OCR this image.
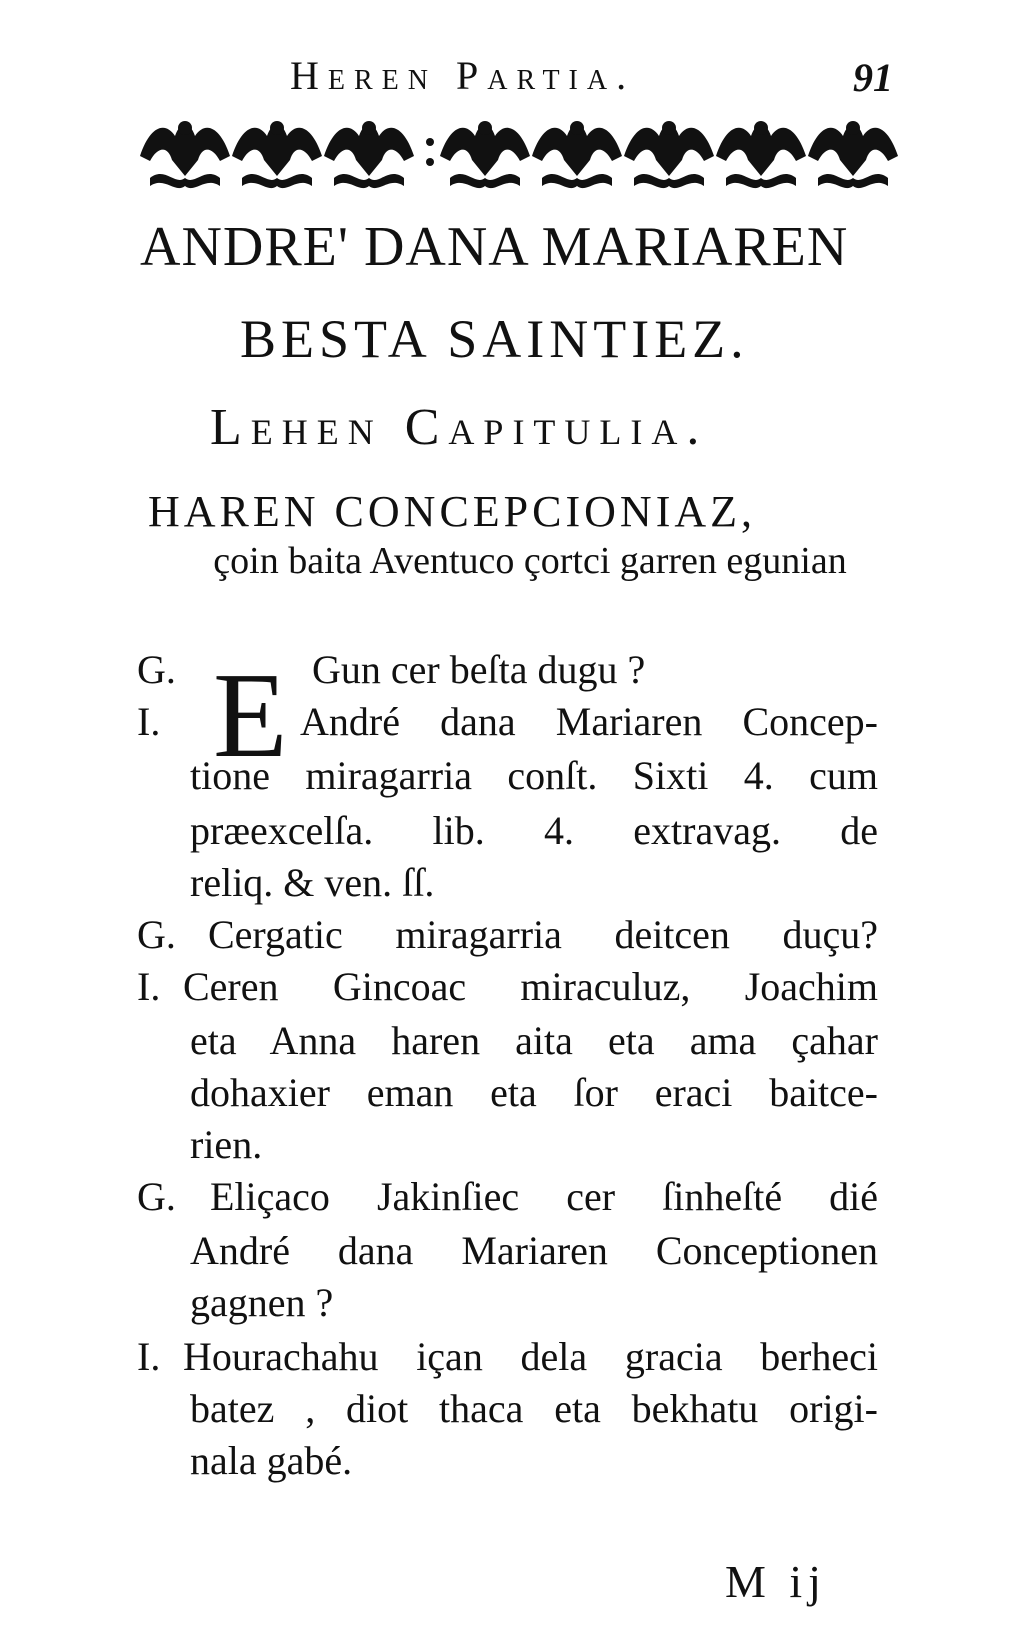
Heren Partia.	91
ANDRE' DANA MARIAREN
BESTA SAINTIEZ.
Lehen Capitulia.
HAREN CONCEPCIONIAZ,
çoin baita Aventuco çortci garren egunian
E
G.	Gun cer beſta dugu ?
I.	André dana Mariaren Concep-
tione miragarria conſt. Sixti 4. cum
præexcelſa. lib. 4. extravag. de
reliq. & ven. ſſ.
G. Cergatic miragarria deitcen duçu?
I. Ceren Gincoac miraculuz, Joachim
eta Anna haren aita eta ama çahar
dohaxier eman eta ſor eraci baitce-
rien.
G. Eliçaco Jakinſiec cer ſinheſté dié
André dana Mariaren Conceptionen
gagnen ?
I. Hourachahu içan dela gracia berheci
batez , diot thaca eta bekhatu origi-
nala gabé.
M ij
